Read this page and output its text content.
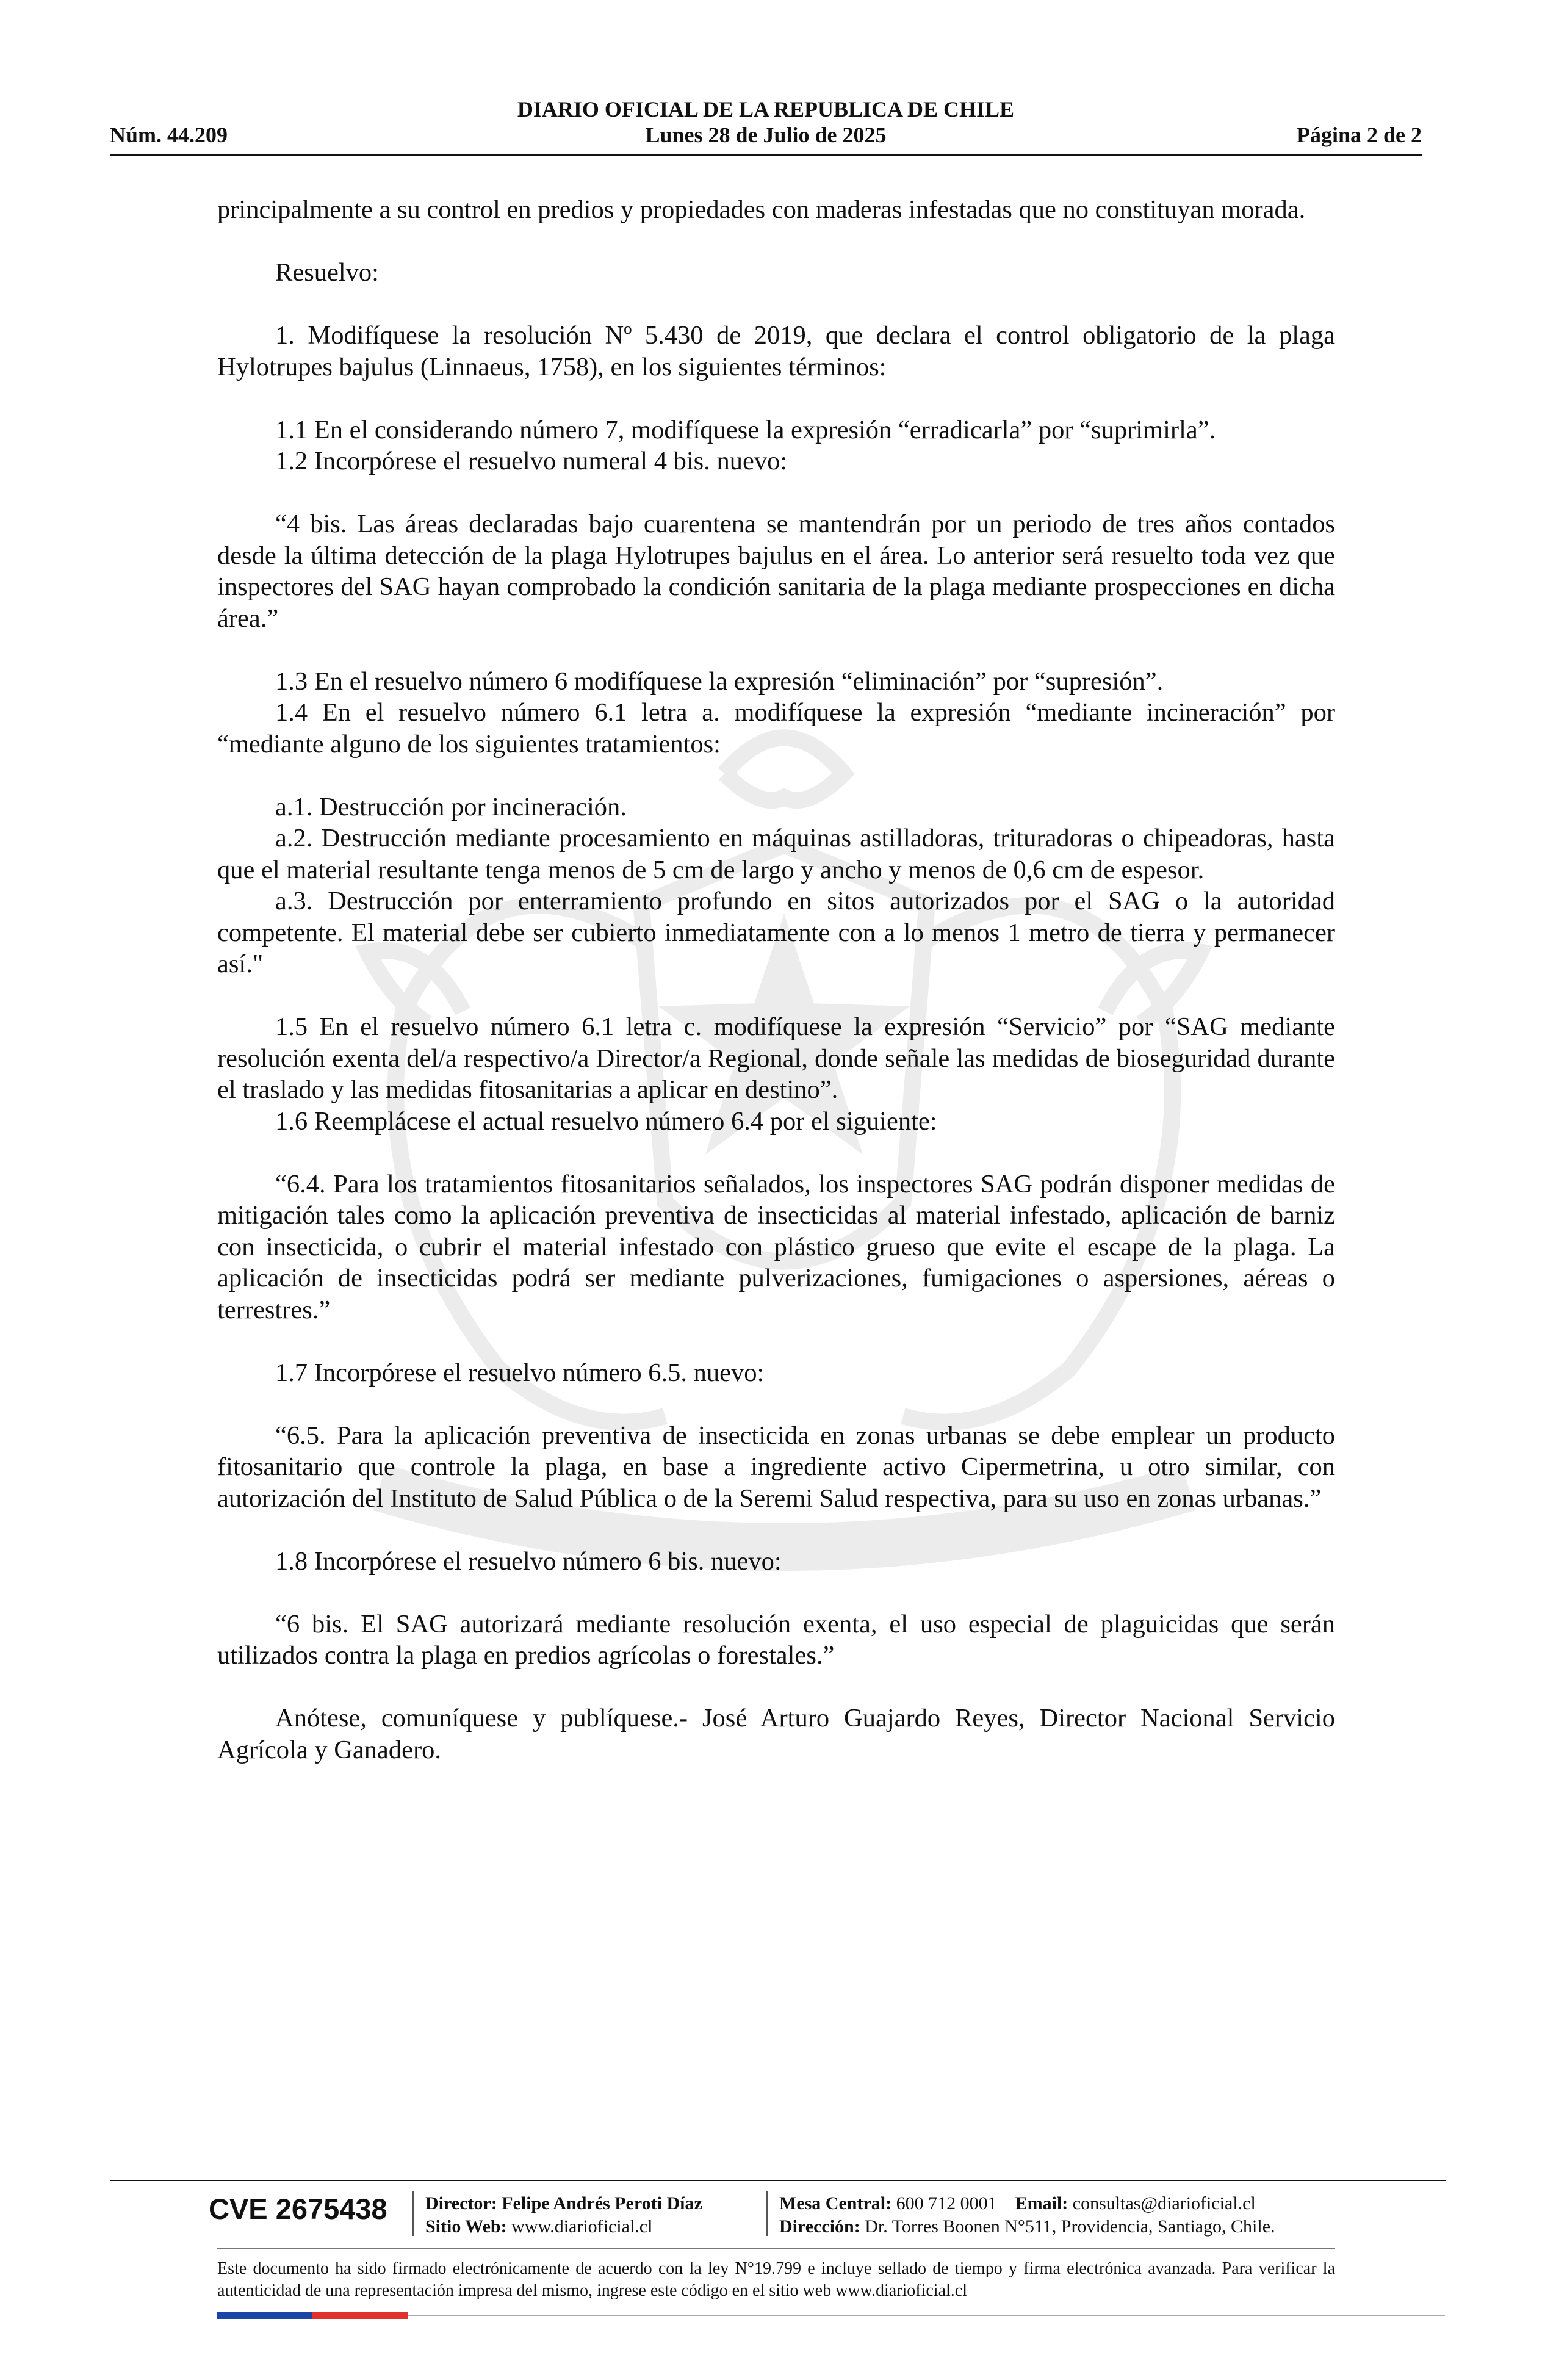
DIARIO OFICIAL DE LA REPUBLICA DE CHILE
Núm. 44.209	Lunes 28 de Julio de 2025	Página 2 de 2

principalmente a su control en predios y propiedades con maderas infestadas que no constituyan morada.

Resuelvo:

1. Modifíquese la resolución Nº 5.430 de 2019, que declara el control obligatorio de la plaga Hylotrupes bajulus (Linnaeus, 1758), en los siguientes términos:

1.1 En el considerando número 7, modifíquese la expresión “erradicarla” por “suprimirla”.

1.2 Incorpórese el resuelvo numeral 4 bis. nuevo:

“4 bis. Las áreas declaradas bajo cuarentena se mantendrán por un periodo de tres años contados desde la última detección de la plaga Hylotrupes bajulus en el área. Lo anterior será resuelto toda vez que inspectores del SAG hayan comprobado la condición sanitaria de la plaga mediante prospecciones en dicha área.”

1.3 En el resuelvo número 6 modifíquese la expresión “eliminación” por “supresión”.

1.4 En el resuelvo número 6.1 letra a. modifíquese la expresión “mediante incineración” por “mediante alguno de los siguientes tratamientos:

a.1. Destrucción por incineración.

a.2. Destrucción mediante procesamiento en máquinas astilladoras, trituradoras o chipeadoras, hasta que el material resultante tenga menos de 5 cm de largo y ancho y menos de 0,6 cm de espesor.

a.3. Destrucción por enterramiento profundo en sitos autorizados por el SAG o la autoridad competente. El material debe ser cubierto inmediatamente con a lo menos 1 metro de tierra y permanecer así."

1.5 En el resuelvo número 6.1 letra c. modifíquese la expresión “Servicio” por “SAG mediante resolución exenta del/a respectivo/a Director/a Regional, donde señale las medidas de bioseguridad durante el traslado y las medidas fitosanitarias a aplicar en destino”.

1.6 Reemplácese el actual resuelvo número 6.4 por el siguiente:

“6.4. Para los tratamientos fitosanitarios señalados, los inspectores SAG podrán disponer medidas de mitigación tales como la aplicación preventiva de insecticidas al material infestado, aplicación de barniz con insecticida, o cubrir el material infestado con plástico grueso que evite el escape de la plaga. La aplicación de insecticidas podrá ser mediante pulverizaciones, fumigaciones o aspersiones, aéreas o terrestres.”

1.7 Incorpórese el resuelvo número 6.5. nuevo:

“6.5. Para la aplicación preventiva de insecticida en zonas urbanas se debe emplear un producto fitosanitario que controle la plaga, en base a ingrediente activo Cipermetrina, u otro similar, con autorización del Instituto de Salud Pública o de la Seremi Salud respectiva, para su uso en zonas urbanas.”

1.8 Incorpórese el resuelvo número 6 bis. nuevo:

“6 bis. El SAG autorizará mediante resolución exenta, el uso especial de plaguicidas que serán utilizados contra la plaga en predios agrícolas o forestales.”

Anótese, comuníquese y publíquese.- José Arturo Guajardo Reyes, Director Nacional Servicio Agrícola y Ganadero.

CVE 2675438 Director: Felipe Andrés Peroti Díaz
Sitio Web: www.diarioficial.cl
Mesa Central: 600 712 0001 Email: consultas@diarioficial.cl
Dirección: Dr. Torres Boonen N°511, Providencia, Santiago, Chile.
Este documento ha sido firmado electrónicamente de acuerdo con la ley N°19.799 e incluye sellado de tiempo y firma electrónica avanzada. Para verificar la autenticidad de una representación impresa del mismo, ingrese este código en el sitio web www.diarioficial.cl
